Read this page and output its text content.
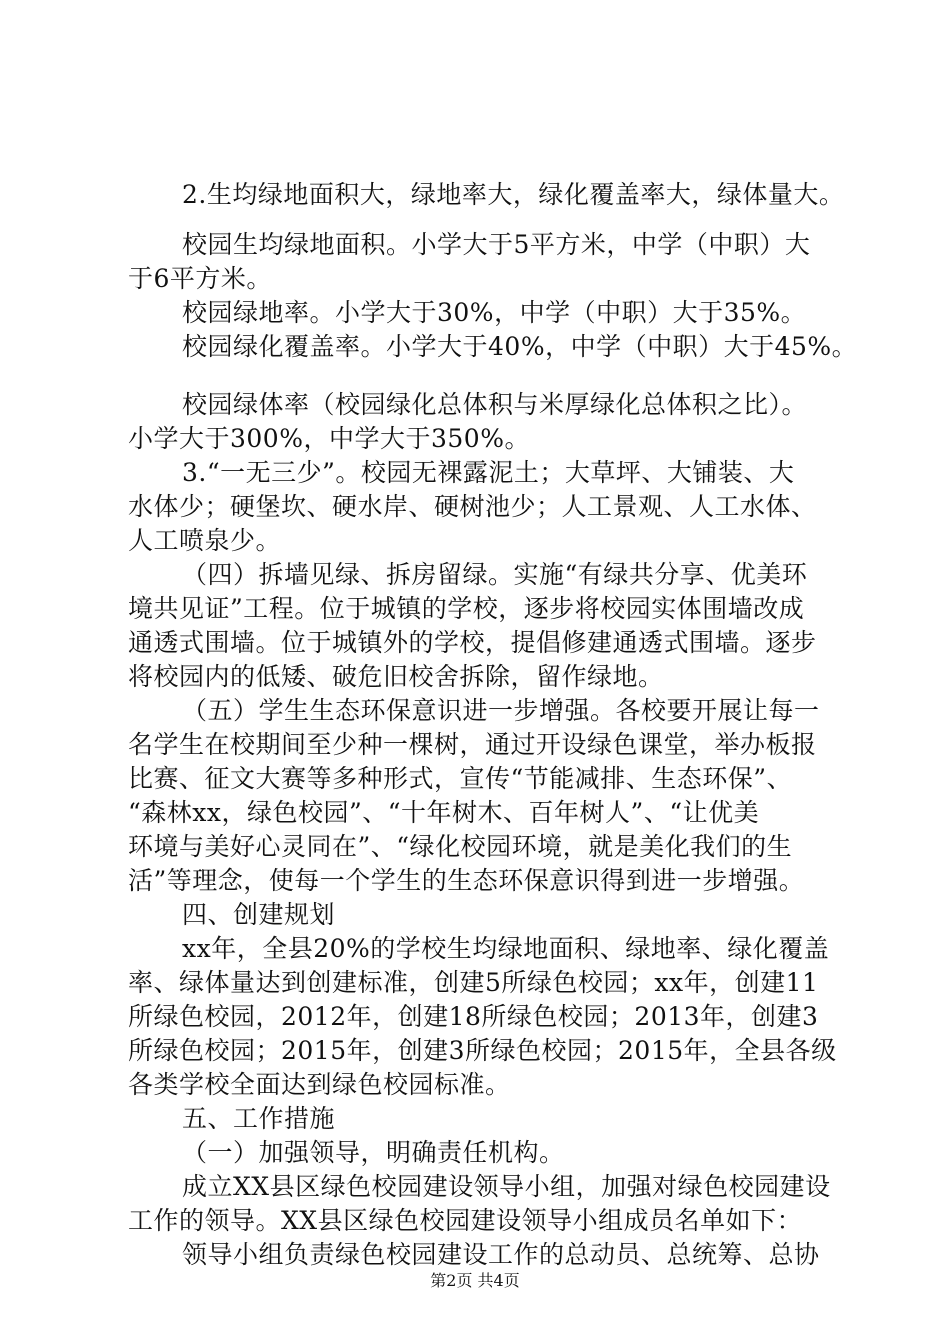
2.生均绿地面积大，绿地率大，绿化覆盖率大，绿体量大。
校园生均绿地面积。小学大于5平方米，中学（中职）大
于6平方米。
校园绿地率。小学大于30%，中学（中职）大于35%。
校园绿化覆盖率。小学大于40%，中学（中职）大于45%。
校园绿体率（校园绿化总体积与米厚绿化总体积之比）。
小学大于300%，中学大于350%。
3.“一无三少”。校园无裸露泥土；大草坪、大铺装、大
水体少；硬堡坎、硬水岸、硬树池少；人工景观、人工水体、
人工喷泉少。
（四）拆墙见绿、拆房留绿。实施“有绿共分享、优美环
境共见证”工程。位于城镇的学校，逐步将校园实体围墙改成
通透式围墙。位于城镇外的学校，提倡修建通透式围墙。逐步
将校园内的低矮、破危旧校舍拆除，留作绿地。
（五）学生生态环保意识进一步增强。各校要开展让每一
名学生在校期间至少种一棵树，通过开设绿色课堂，举办板报
比赛、征文大赛等多种形式，宣传“节能减排、生态环保”、
“森林xx，绿色校园”、“十年树木、百年树人”、“让优美
环境与美好心灵同在”、“绿化校园环境，就是美化我们的生
活”等理念，使每一个学生的生态环保意识得到进一步增强。
四、创建规划
xx年，全县20%的学校生均绿地面积、绿地率、绿化覆盖
率、绿体量达到创建标准，创建5所绿色校园；xx年，创建11
所绿色校园，2012年，创建18所绿色校园；2013年，创建3
所绿色校园；2015年，创建3所绿色校园；2015年，全县各级
各类学校全面达到绿色校园标准。
五、工作措施
（一）加强领导，明确责任机构。
成立XX县区绿色校园建设领导小组，加强对绿色校园建设
工作的领导。XX县区绿色校园建设领导小组成员名单如下：
领导小组负责绿色校园建设工作的总动员、总统筹、总协
第2页 共4页
